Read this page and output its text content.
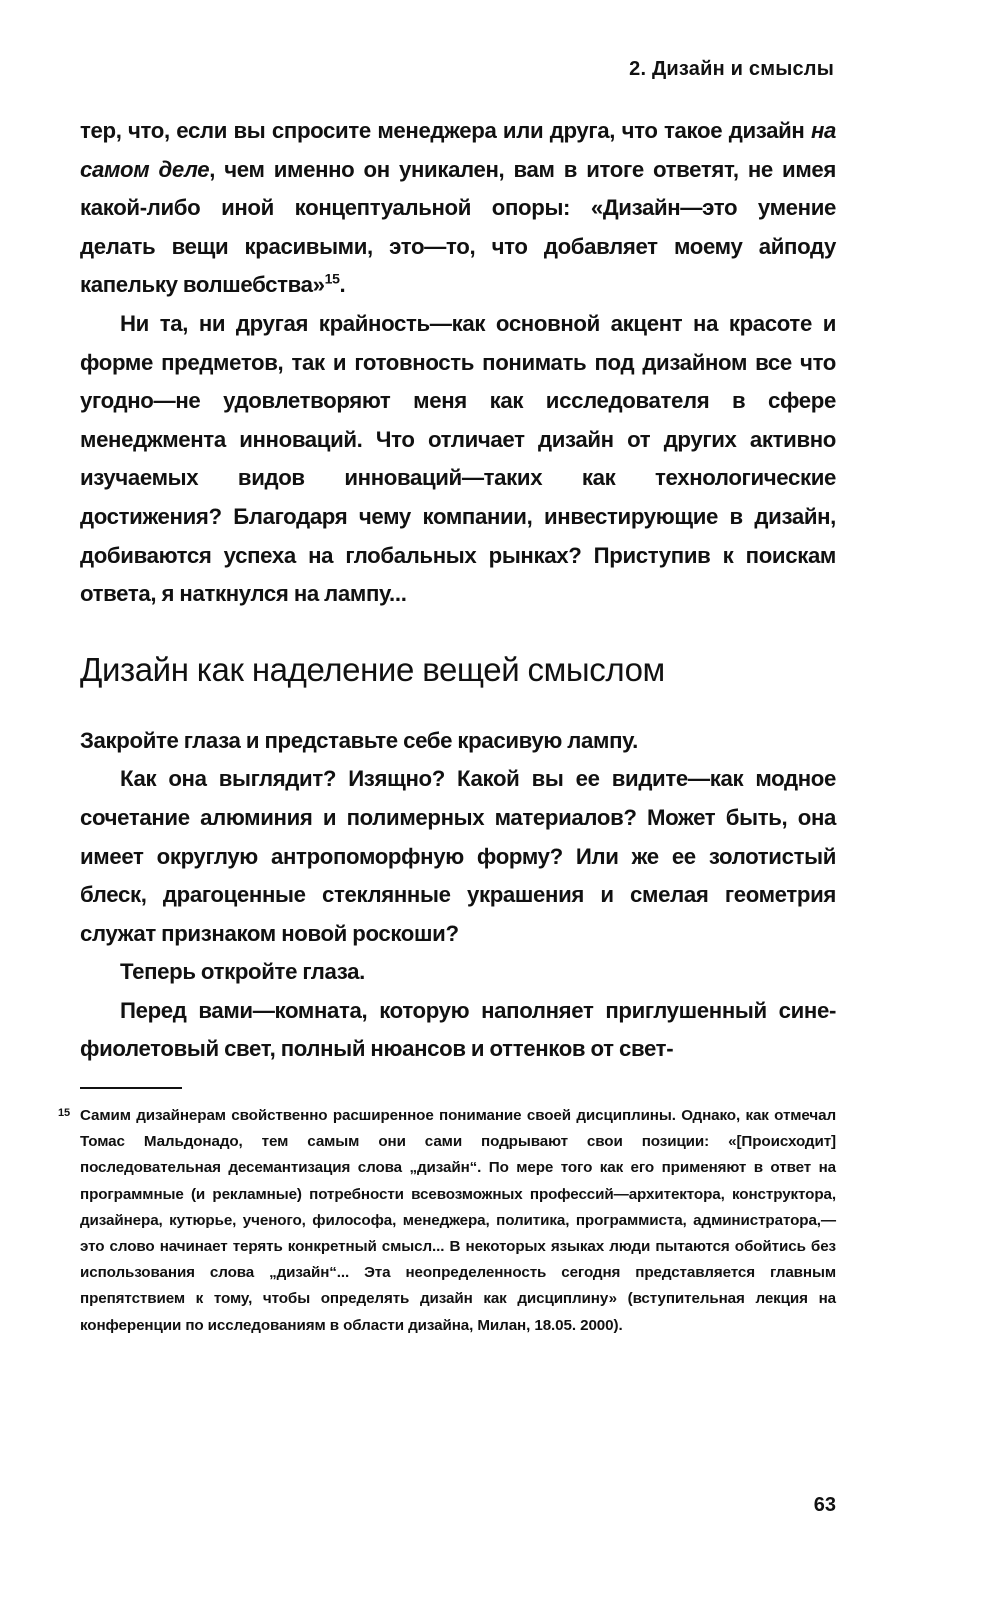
2. Дизайн и смыслы

тер, что, если вы спросите менеджера или друга, что такое дизайн на самом деле, чем именно он уникален, вам в итоге ответят, не имея какой-либо иной концептуальной опоры: «Дизайн—это умение делать вещи красивыми, это—то, что добавляет моему айподу капельку волшебства»$^{15}$.

Ни та, ни другая крайность—как основной акцент на красоте и форме предметов, так и готовность понимать под дизайном все что угодно—не удовлетворяют меня как исследователя в сфере менеджмента инноваций. Что отличает дизайн от других активно изучаемых видов инноваций—таких как технологические достижения? Благодаря чему компании, инвестирующие в дизайн, добиваются успеха на глобальных рынках? Приступив к поискам ответа, я наткнулся на лампу...

Дизайн как наделение вещей смыслом

Закройте глаза и представьте себе красивую лампу.

Как она выглядит? Изящно? Какой вы ее видите—как модное сочетание алюминия и полимерных материалов? Может быть, она имеет округлую антропоморфную форму? Или же ее золотистый блеск, драгоценные стеклянные украшения и смелая геометрия служат признаком новой роскоши?

Теперь откройте глаза.

Перед вами—комната, которую наполняет приглушенный сине-фиолетовый свет, полный нюансов и оттенков от свет-

15 Самим дизайнерам свойственно расширенное понимание своей дисциплины. Однако, как отмечал Томас Мальдонадо, тем самым они сами подрывают свои позиции: «[Происходит] последовательная десемантизация слова „дизайн“. По мере того как его применяют в ответ на программные (и рекламные) потребности всевозможных профессий—архитектора, конструктора, дизайнера, кутюрье, ученого, философа, менеджера, политика, программиста, администратора,—это слово начинает терять конкретный смысл... В некоторых языках люди пытаются обойтись без использования слова „дизайн“... Эта неопределенность сегодня представляется главным препятствием к тому, чтобы определять дизайн как дисциплину» (вступительная лекция на конференции по исследованиям в области дизайна, Милан, 18.05. 2000).
63
